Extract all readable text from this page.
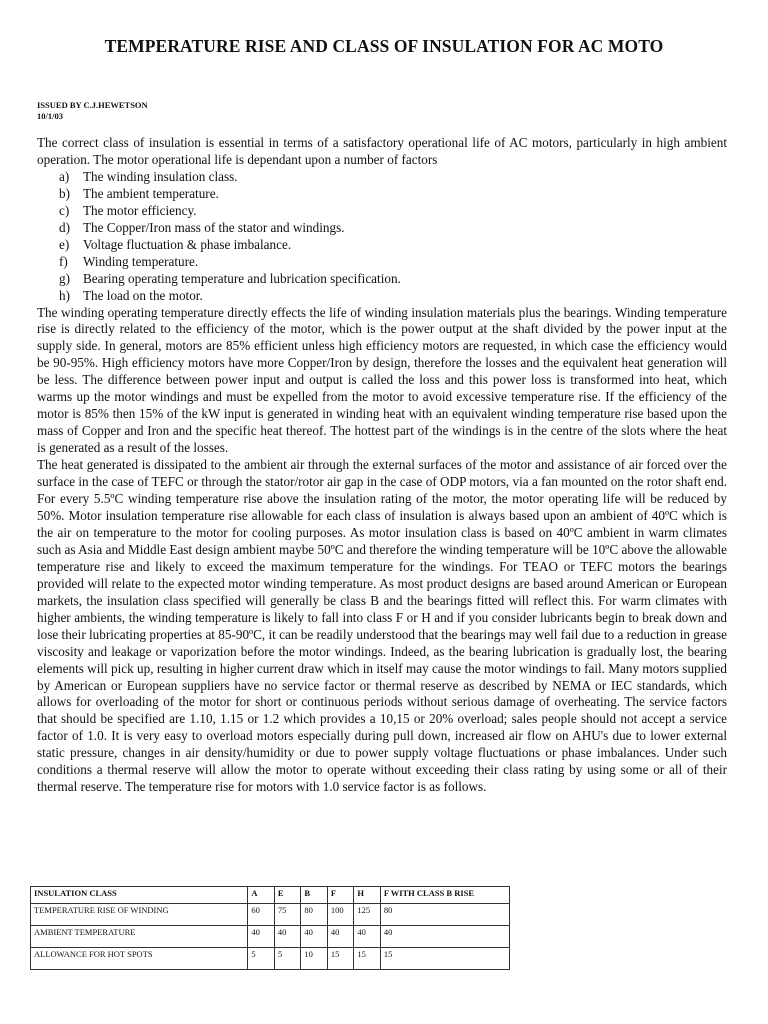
TEMPERATURE RISE AND CLASS OF INSULATION FOR AC MOTO
ISSUED BY C.J.HEWETSON
10/1/03

The correct class of insulation is essential in terms of a satisfactory operational life of AC motors, particularly in high ambient operation. The motor operational life is dependant upon a number of factors

a) The winding insulation class.
b) The ambient temperature.
c) The motor efficiency.
d) The Copper/Iron mass of the stator and windings.
e) Voltage fluctuation & phase imbalance.
f) Winding temperature.
g) Bearing operating temperature and lubrication specification.
h) The load on the motor.

The winding operating temperature directly effects the life of winding insulation materials plus the bearings. Winding temperature rise is directly related to the efficiency of the motor, which is the power output at the shaft divided by the power input at the supply side. In general, motors are 85% efficient unless high efficiency motors are requested, in which case the efficiency would be 90-95%. High efficiency motors have more Copper/Iron by design, therefore the losses and the equivalent heat generation will be less. The difference between power input and output is called the loss and this power loss is transformed into heat, which warms up the motor windings and must be expelled from the motor to avoid excessive temperature rise. If the efficiency of the motor is 85% then 15% of the kW input is generated in winding heat with an equivalent winding temperature rise based upon the mass of Copper and Iron and the specific heat thereof. The hottest part of the windings is in the centre of the slots where the heat is generated as a result of the losses.

The heat generated is dissipated to the ambient air through the external surfaces of the motor and assistance of air forced over the surface in the case of TEFC or through the stator/rotor air gap in the case of ODP motors, via a fan mounted on the rotor shaft end. For every 5.5ºC winding temperature rise above the insulation rating of the motor, the motor operating life will be reduced by 50%. Motor insulation temperature rise allowable for each class of insulation is always based upon an ambient of 40ºC which is the air on temperature to the motor for cooling purposes. As motor insulation class is based on 40ºC ambient in warm climates such as Asia and Middle East design ambient maybe 50ºC and therefore the winding temperature will be 10ºC above the allowable temperature rise and likely to exceed the maximum temperature for the windings. For TEAO or TEFC motors the bearings provided will relate to the expected motor winding temperature. As most product designs are based around American or European markets, the insulation class specified will generally be class B and the bearings fitted will reflect this. For warm climates with higher ambients, the winding temperature is likely to fall into class F or H and if you consider lubricants begin to break down and lose their lubricating properties at 85-90ºC, it can be readily understood that the bearings may well fail due to a reduction in grease viscosity and leakage or vaporization before the motor windings. Indeed, as the bearing lubrication is gradually lost, the bearing elements will pick up, resulting in higher current draw which in itself may cause the motor windings to fail. Many motors supplied by American or European suppliers have no service factor or thermal reserve as described by NEMA or IEC standards, which allows for overloading of the motor for short or continuous periods without serious damage of overheating. The service factors that should be specified are 1.10, 1.15 or 1.2 which provides a 10,15 or 20% overload; sales people should not accept a service factor of 1.0. It is very easy to overload motors especially during pull down, increased air flow on AHU's due to lower external static pressure, changes in air density/humidity or due to power supply voltage fluctuations or phase imbalances. Under such conditions a thermal reserve will allow the motor to operate without exceeding their class rating by using some or all of their thermal reserve. The temperature rise for motors with 1.0 service factor is as follows.

INSULATION CLASS	A	E	B	F	H	F WITH CLASS B RISE
TEMPERATURE RISE OF WINDING	60	75	80	100	125	80
AMBIENT TEMPERATURE	40	40	40	40	40	40
ALLOWANCE FOR HOT SPOTS	5	5	10	15	15	15
